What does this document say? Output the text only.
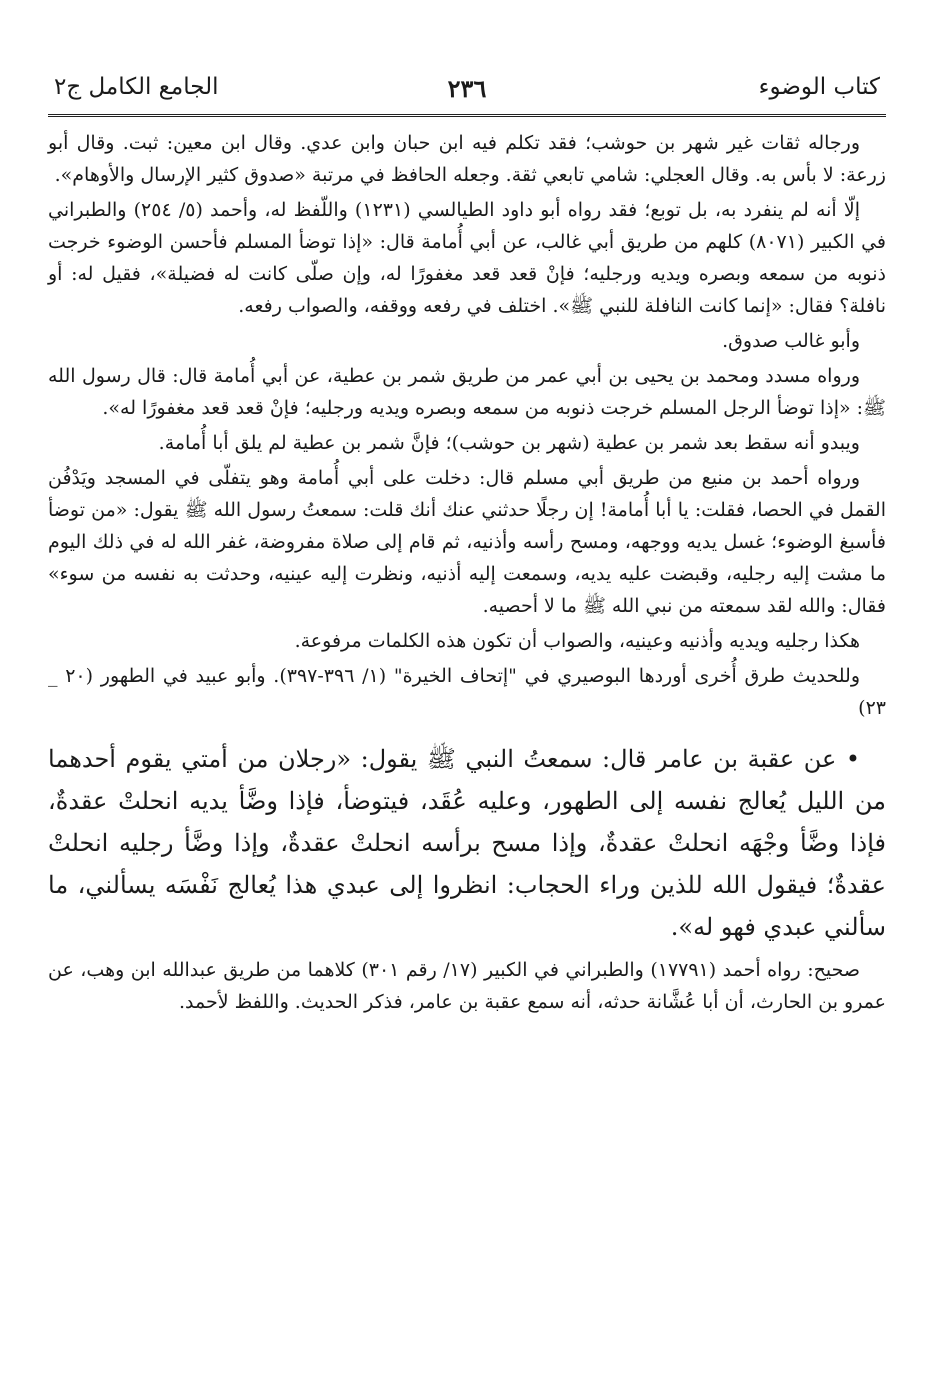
كتاب الوضوء
٢٣٦
الجامع الكامل ج٢

ورجاله ثقات غير شهر بن حوشب؛ فقد تكلم فيه ابن حبان وابن عدي. وقال ابن معين: ثبت. وقال أبو زرعة: لا بأس به. وقال العجلي: شامي تابعي ثقة. وجعله الحافظ في مرتبة «صدوق كثير الإرسال والأوهام».

إلّا أنه لم ينفرد به، بل توبع؛ فقد رواه أبو داود الطيالسي (١٢٣١) واللّفظ له، وأحمد (٥/ ٢٥٤) والطبراني في الكبير (٨٠٧١) كلهم من طريق أبي غالب، عن أبي أُمامة قال: «إذا توضأ المسلم فأحسن الوضوء خرجت ذنوبه من سمعه وبصره ويديه ورجليه؛ فإنْ قعد قعد مغفورًا له، وإن صلّى كانت له فضيلة»، فقيل له: أو نافلة؟ فقال: «إنما كانت النافلة للنبي ﷺ». اختلف في رفعه ووقفه، والصواب رفعه.

وأبو غالب صدوق.

ورواه مسدد ومحمد بن يحيى بن أبي عمر من طريق شمر بن عطية، عن أبي أُمامة قال: قال رسول الله ﷺ: «إذا توضأ الرجل المسلم خرجت ذنوبه من سمعه وبصره ويديه ورجليه؛ فإنْ قعد قعد مغفورًا له».

ويبدو أنه سقط بعد شمر بن عطية (شهر بن حوشب)؛ فإنَّ شمر بن عطية لم يلق أبا أُمامة.

ورواه أحمد بن منيع من طريق أبي مسلم قال: دخلت على أبي أُمامة وهو يتفلّى في المسجد ويَدْفُن القمل في الحصا، فقلت: يا أبا أُمامة! إن رجلًا حدثني عنك أنك قلت: سمعتُ رسول الله ﷺ يقول: «من توضأ فأسبغ الوضوء؛ غسل يديه ووجهه، ومسح رأسه وأذنيه، ثم قام إلى صلاة مفروضة، غفر الله له في ذلك اليوم ما مشت إليه رجليه، وقبضت عليه يديه، وسمعت إليه أذنيه، ونظرت إليه عينيه، وحدثت به نفسه من سوء» فقال: والله لقد سمعته من نبي الله ﷺ ما لا أحصيه.

هكذا رجليه ويديه وأذنيه وعينيه، والصواب أن تكون هذه الكلمات مرفوعة.

وللحديث طرق أُخرى أوردها البوصيري في "إتحاف الخيرة" (١/ ٣٩٦-٣٩٧). وأبو عبيد في الطهور (٢٠ _ ٢٣)

• عن عقبة بن عامر قال: سمعتُ النبي ﷺ يقول: «رجلان من أمتي يقوم أحدهما من الليل يُعالج نفسه إلى الطهور، وعليه عُقَد، فيتوضأ، فإذا وضَّأ يديه انحلتْ عقدةٌ، فإذا وضَّأ وجْهَه انحلتْ عقدةٌ، وإذا مسح برأسه انحلتْ عقدةٌ، وإذا وضَّأ رجليه انحلتْ عقدةٌ؛ فيقول الله للذين وراء الحجاب: انظروا إلى عبدي هذا يُعالج نَفْسَه يسألني، ما سألني عبدي فهو له».

صحيح: رواه أحمد (١٧٧٩١) والطبراني في الكبير (١٧/ رقم ٣٠١) كلاهما من طريق عبدالله ابن وهب، عن عمرو بن الحارث، أن أبا عُشَّانة حدثه، أنه سمع عقبة بن عامر، فذكر الحديث. واللفظ لأحمد.
